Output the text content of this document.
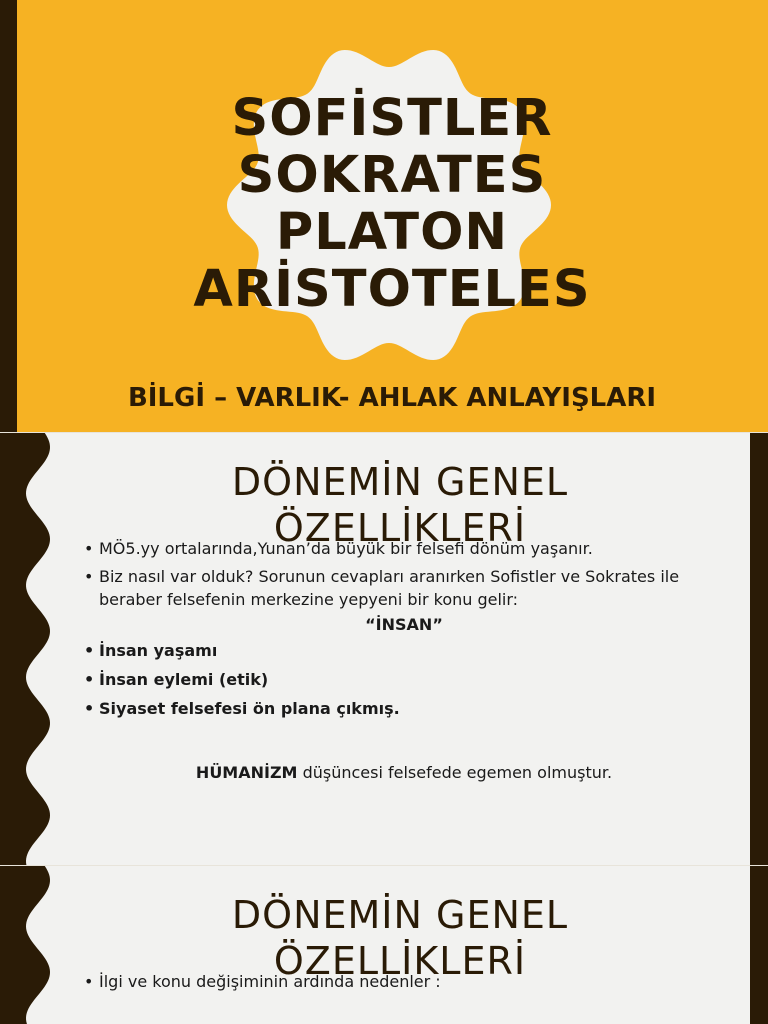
SOFİSTLER
SOKRATES
PLATON
ARİSTOTELES

BİLGİ – VARLIK- AHLAK ANLAYIŞLARI

DÖNEMİN GENEL
ÖZELLİKLERİ
• MÖ5.yy ortalarında,Yunan’da büyük bir felsefi dönüm yaşanır.
• Biz nasıl var olduk? Sorunun cevapları aranırken Sofistler ve Sokrates ile beraber felsefenin merkezine yepyeni bir konu gelir:
“İNSAN”
• İnsan yaşamı
• İnsan eylemi (etik)
• Siyaset felsefesi ön plana çıkmış.

HÜMANİZM düşüncesi felsefede egemen olmuştur.

DÖNEMİN GENEL
ÖZELLİKLERİ
• İlgi ve konu değişiminin ardında nedenler :
